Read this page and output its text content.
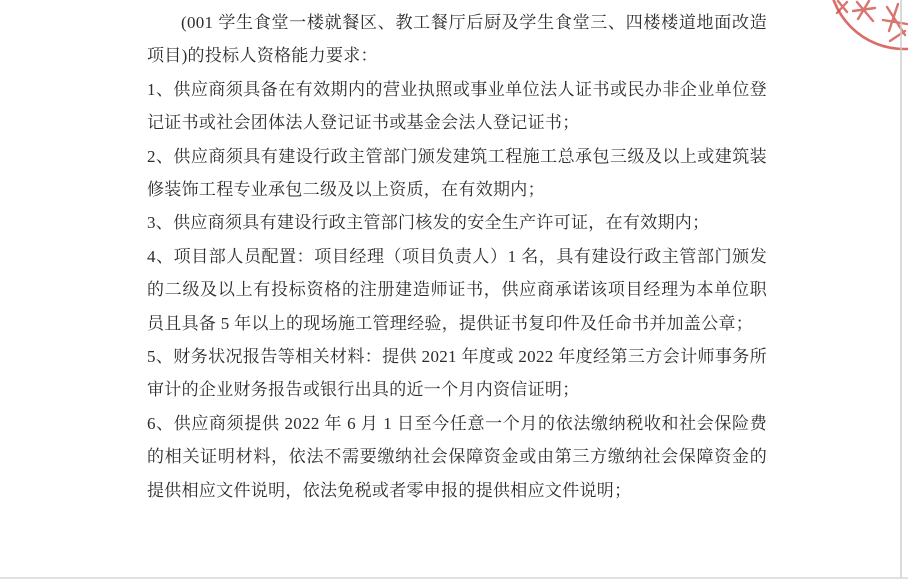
(001 学生食堂一楼就餐区、教工餐厅后厨及学生食堂三、四楼楼道地面改造项目)的投标人资格能力要求：

1、供应商须具备在有效期内的营业执照或事业单位法人证书或民办非企业单位登记证书或社会团体法人登记证书或基金会法人登记证书；

2、供应商须具有建设行政主管部门颁发建筑工程施工总承包三级及以上或建筑装修装饰工程专业承包二级及以上资质，在有效期内；

3、供应商须具有建设行政主管部门核发的安全生产许可证，在有效期内；

4、项目部人员配置：项目经理（项目负责人）1 名，具有建设行政主管部门颁发的二级及以上有投标资格的注册建造师证书，供应商承诺该项目经理为本单位职员且具备 5 年以上的现场施工管理经验，提供证书复印件及任命书并加盖公章；

5、财务状况报告等相关材料：提供 2021 年度或 2022 年度经第三方会计师事务所审计的企业财务报告或银行出具的近一个月内资信证明；

6、供应商须提供 2022 年 6 月 1 日至今任意一个月的依法缴纳税收和社会保险费的相关证明材料，依法不需要缴纳社会保障资金或由第三方缴纳社会保障资金的提供相应文件说明，依法免税或者零申报的提供相应文件说明；
